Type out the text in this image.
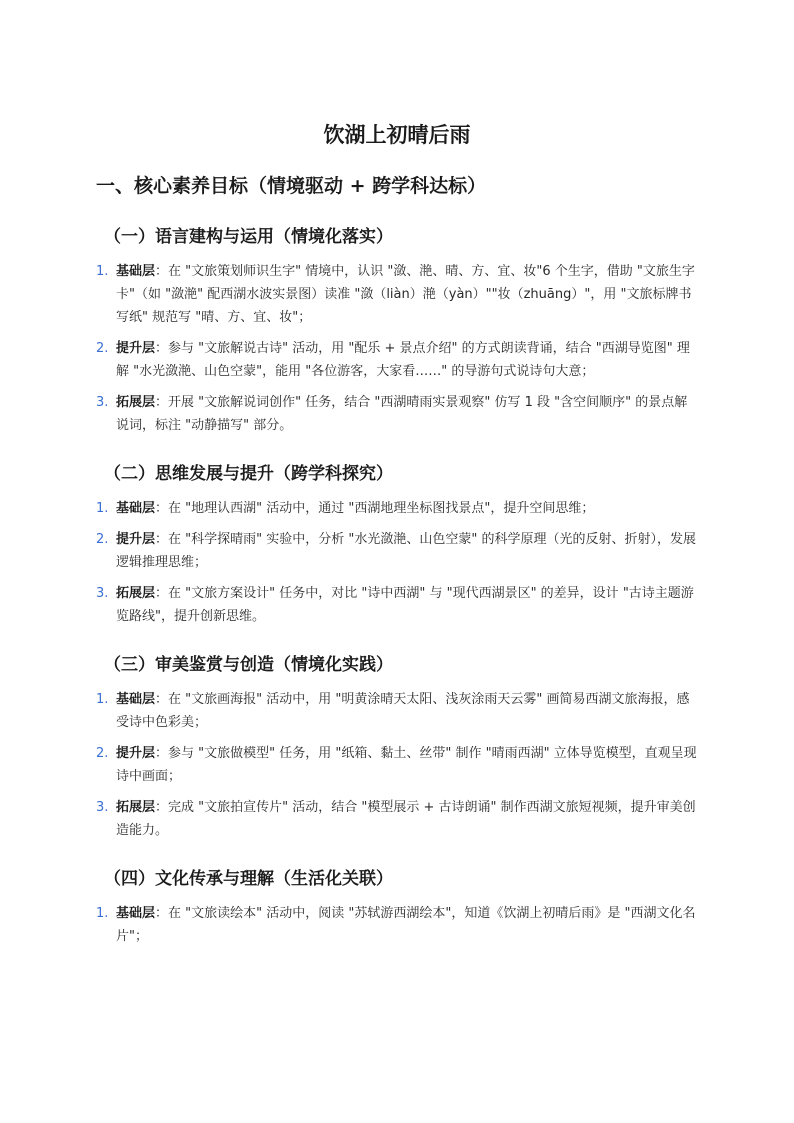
饮湖上初晴后雨
一、核心素养目标（情境驱动 + 跨学科达标）
（一）语言建构与运用（情境化落实）
1. 基础层：在 "文旅策划师识生字" 情境中，认识 "潋、滟、晴、方、宜、妆"6 个生字，借助 "文旅生字卡"（如 "潋滟" 配西湖水波实景图）读准 "潋（liàn）滟（yàn）""妆（zhuāng）"，用 "文旅标牌书写纸" 规范写 "晴、方、宜、妆"；
2. 提升层：参与 "文旅解说古诗" 活动，用 "配乐 + 景点介绍" 的方式朗读背诵，结合 "西湖导览图" 理解 "水光潋滟、山色空蒙"，能用 "各位游客，大家看……" 的导游句式说诗句大意；
3. 拓展层：开展 "文旅解说词创作" 任务，结合 "西湖晴雨实景观察" 仿写 1 段 "含空间顺序" 的景点解说词，标注 "动静描写" 部分。
（二）思维发展与提升（跨学科探究）
1. 基础层：在 "地理认西湖" 活动中，通过 "西湖地理坐标图找景点"，提升空间思维；
2. 提升层：在 "科学探晴雨" 实验中，分析 "水光潋滟、山色空蒙" 的科学原理（光的反射、折射），发展逻辑推理思维；
3. 拓展层：在 "文旅方案设计" 任务中，对比 "诗中西湖" 与 "现代西湖景区" 的差异，设计 "古诗主题游览路线"，提升创新思维。
（三）审美鉴赏与创造（情境化实践）
1. 基础层：在 "文旅画海报" 活动中，用 "明黄涂晴天太阳、浅灰涂雨天云雾" 画简易西湖文旅海报，感受诗中色彩美；
2. 提升层：参与 "文旅做模型" 任务，用 "纸箱、黏土、丝带" 制作 "晴雨西湖" 立体导览模型，直观呈现诗中画面；
3. 拓展层：完成 "文旅拍宣传片" 活动，结合 "模型展示 + 古诗朗诵" 制作西湖文旅短视频，提升审美创造能力。
（四）文化传承与理解（生活化关联）
1. 基础层：在 "文旅读绘本" 活动中，阅读 "苏轼游西湖绘本"，知道《饮湖上初晴后雨》是 "西湖文化名片"；
